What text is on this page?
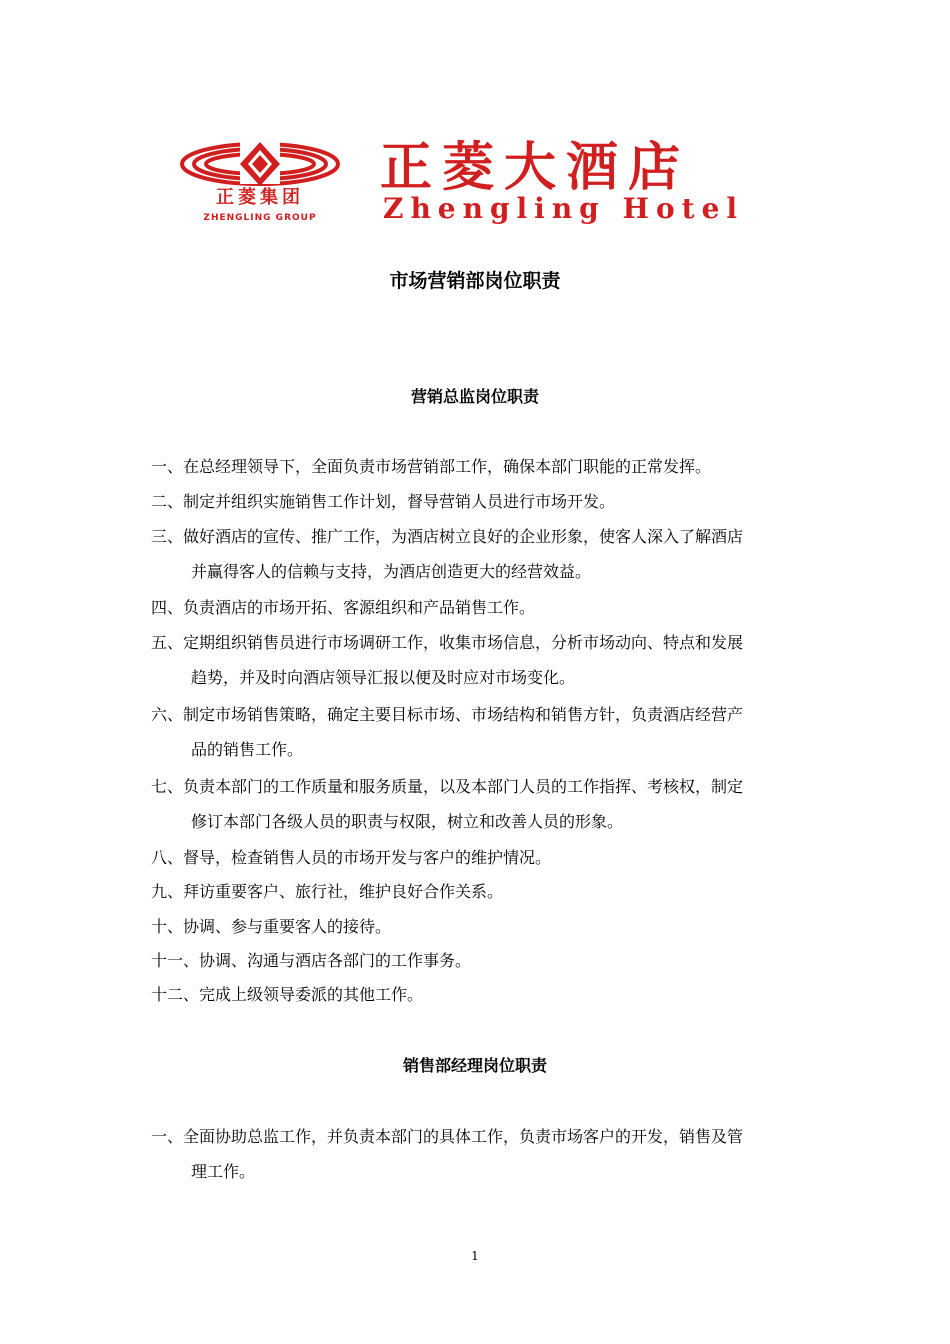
正菱集团
ZHENGLING GROUP
正菱大酒店
Zhengling Hotel
市场营销部岗位职责
营销总监岗位职责
一、在总经理领导下，全面负责市场营销部工作，确保本部门职能的正常发挥。
二、制定并组织实施销售工作计划，督导营销人员进行市场开发。
三、做好酒店的宣传、推广工作，为酒店树立良好的企业形象，使客人深入了解酒店
并赢得客人的信赖与支持，为酒店创造更大的经营效益。
四、负责酒店的市场开拓、客源组织和产品销售工作。
五、定期组织销售员进行市场调研工作，收集市场信息，分析市场动向、特点和发展
趋势，并及时向酒店领导汇报以便及时应对市场变化。
六、制定市场销售策略，确定主要目标市场、市场结构和销售方针，负责酒店经营产
品的销售工作。
七、负责本部门的工作质量和服务质量，以及本部门人员的工作指挥、考核权，制定
修订本部门各级人员的职责与权限，树立和改善人员的形象。
八、督导，检查销售人员的市场开发与客户的维护情况。
九、拜访重要客户、旅行社，维护良好合作关系。
十、协调、参与重要客人的接待。
十一、协调、沟通与酒店各部门的工作事务。
十二、完成上级领导委派的其他工作。
销售部经理岗位职责
一、全面协助总监工作，并负责本部门的具体工作，负责市场客户的开发，销售及管
理工作。
1
